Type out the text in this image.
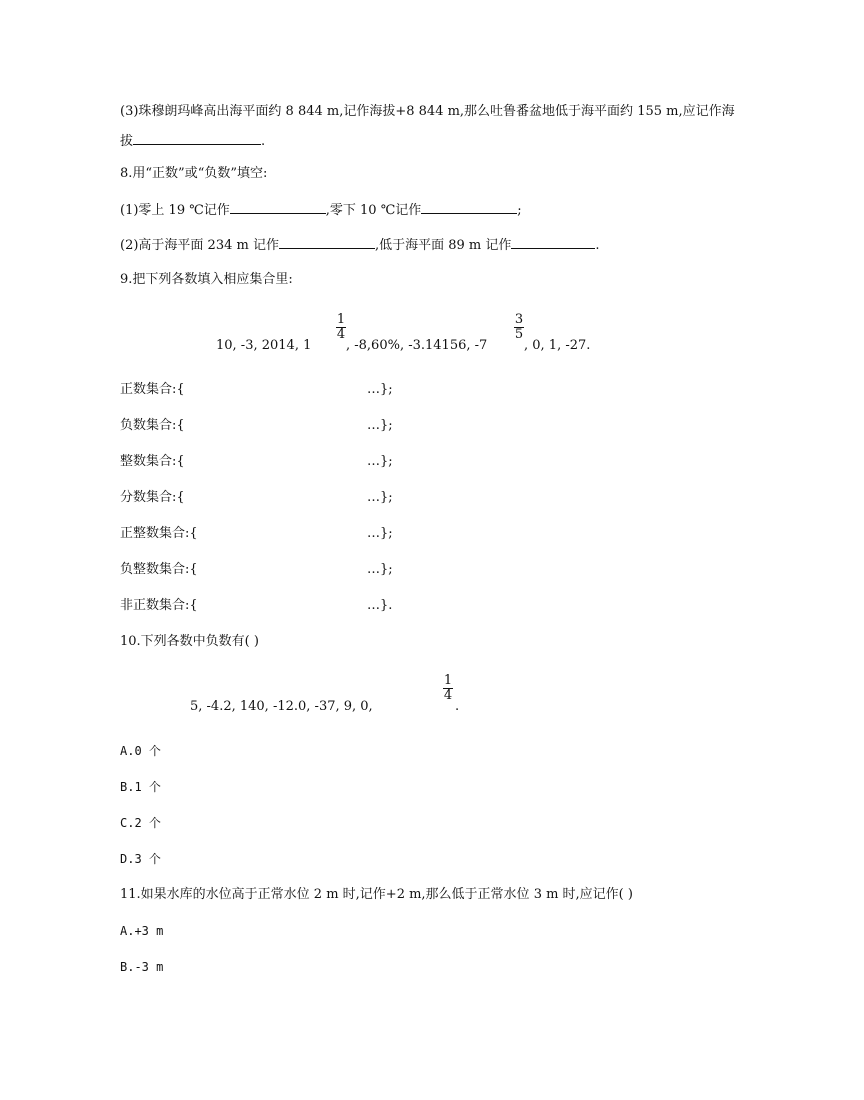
(3)珠穆朗玛峰高出海平面约 8 844 m,记作海拔+8 844 m,那么吐鲁番盆地低于海平面约 155 m,应记作海
拔	.
8.用“正数”或“负数”填空:
(1)零上 19 ℃记作	,零下 10 ℃记作	;
(2)高于海平面 234 m 记作	,低于海平面 89 m 记作	.
9.把下列各数填入相应集合里:
10, -3, 2014, 1
$\frac{1}{4}$
, -8,60%, -3.14156, -7
$\frac{3}{5}$
, 0, 1, -27.
正数集合:{	…};
负数集合:{	…};
整数集合:{	…};
分数集合:{	…};
正整数集合:{	…};
负整数集合:{	…};
非正数集合:{	…}.
10.下列各数中负数有( )
5, -4.2, 140, -12.0, -37, 9, 0,
$\frac{1}{4}$
.
A.0 个
B.1 个
C.2 个
D.3 个
11.如果水库的水位高于正常水位 2 m 时,记作+2 m,那么低于正常水位 3 m 时,应记作( )
A.+3 m
B.-3 m
